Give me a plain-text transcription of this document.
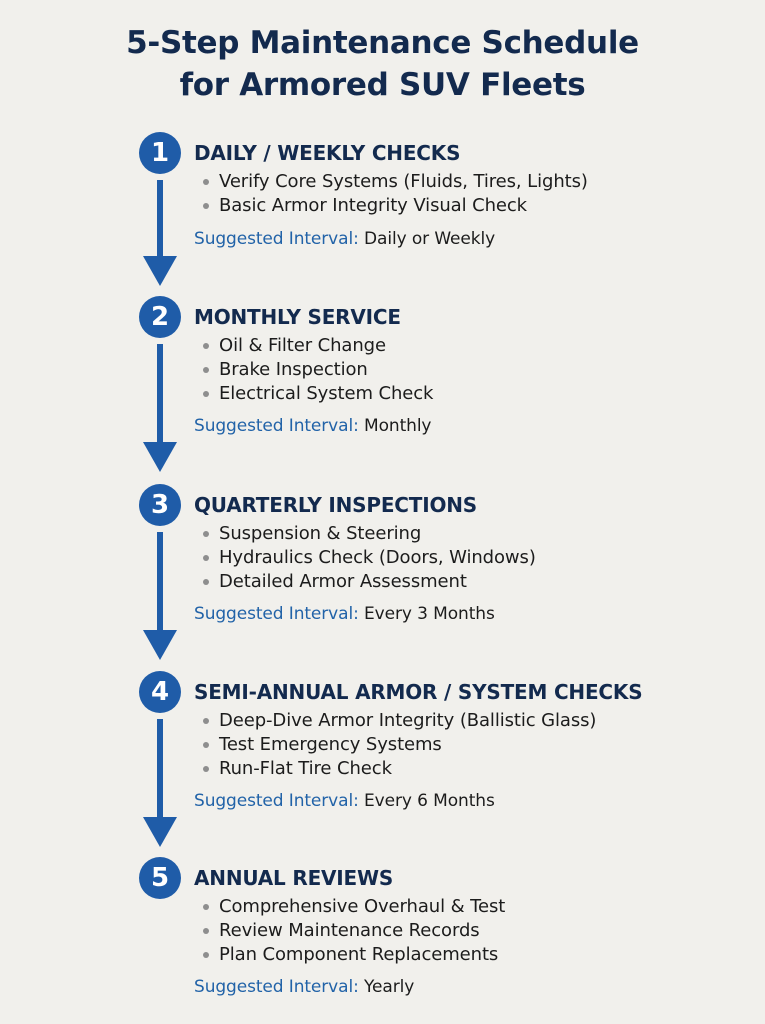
5-Step Maintenance Schedule
for Armored SUV Fleets
1	DAILY / WEEKLY CHECKS
Verify Core Systems (Fluids, Tires, Lights)
Basic Armor Integrity Visual Check
Suggested Interval: Daily or Weekly
2	MONTHLY SERVICE
Oil & Filter Change
Brake Inspection
Electrical System Check
Suggested Interval: Monthly
3	QUARTERLY INSPECTIONS
Suspension & Steering
Hydraulics Check (Doors, Windows)
Detailed Armor Assessment
Suggested Interval: Every 3 Months
4	SEMI-ANNUAL ARMOR / SYSTEM CHECKS
Deep-Dive Armor Integrity (Ballistic Glass)
Test Emergency Systems
Run-Flat Tire Check
Suggested Interval: Every 6 Months
5	ANNUAL REVIEWS
Comprehensive Overhaul & Test
Review Maintenance Records
Plan Component Replacements
Suggested Interval: Yearly
